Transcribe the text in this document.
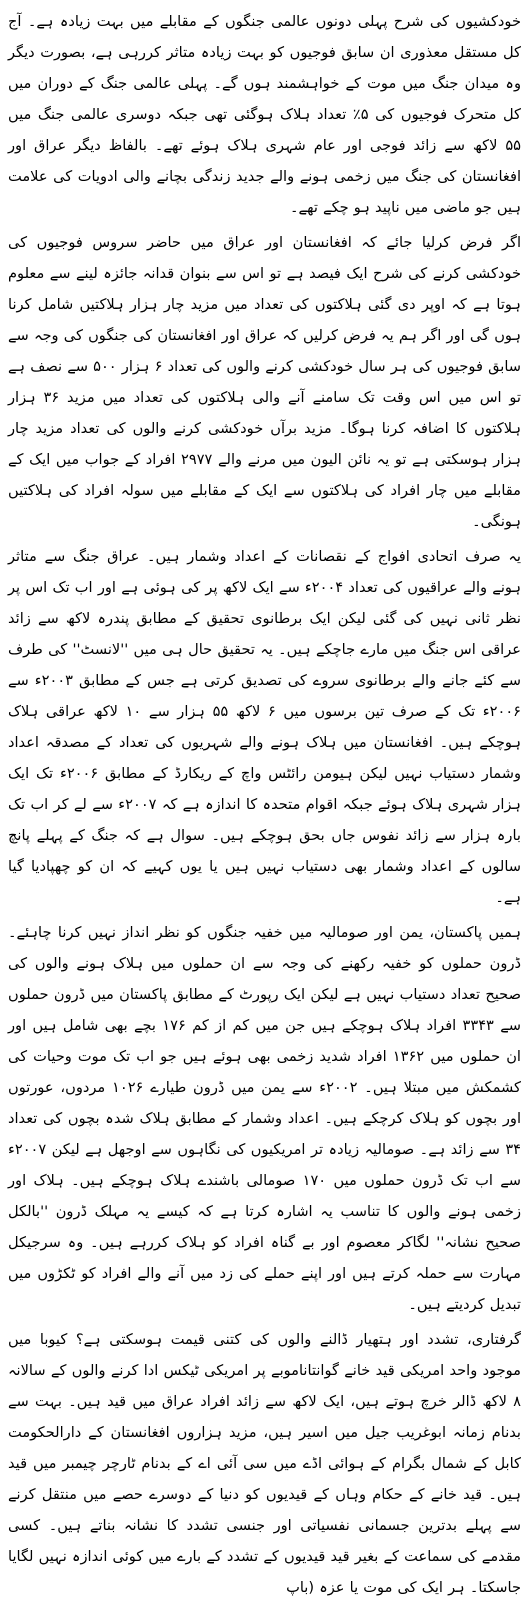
خودکشیوں کی شرح پہلی دونوں عالمی جنگوں کے مقابلے میں بہت زیادہ ہے۔ آج کل مستقل معذوری ان سابق فوجیوں کو بہت زیادہ متاثر کررہی ہے، بصورت دیگر وہ میدان جنگ میں موت کے خواہشمند ہوں گے۔ پہلی عالمی جنگ کے دوران میں کل متحرک فوجیوں کی ۵٪ تعداد ہلاک ہوگئی تھی جبکہ دوسری عالمی جنگ میں ۵۵ لاکھ سے زائد فوجی اور عام شہری ہلاک ہوئے تھے۔ بالفاظ دیگر عراق اور افغانستان کی جنگ میں زخمی ہونے والے جدید زندگی بچانے والی ادویات کی علامت ہیں جو ماضی میں ناپید ہو چکے تھے۔

اگر فرض کرلیا جائے کہ افغانستان اور عراق میں حاضر سروس فوجیوں کی خودکشی کرنے کی شرح ایک فیصد ہے تو اس سے بنوان قدانہ جائزہ لینے سے معلوم ہوتا ہے کہ اوپر دی گئی ہلاکتوں کی تعداد میں مزید چار ہزار ہلاکتیں شامل کرنا ہوں گی اور اگر ہم یہ فرض کرلیں کہ عراق اور افغانستان کی جنگوں کی وجہ سے سابق فوجیوں کی ہر سال خودکشی کرنے والوں کی تعداد ۶ ہزار ۵۰۰ سے نصف ہے تو اس میں اس وقت تک سامنے آنے والی ہلاکتوں کی تعداد میں مزید ۳۶ ہزار ہلاکتوں کا اضافہ کرنا ہوگا۔ مزید برآں خودکشی کرنے والوں کی تعداد مزید چار ہزار ہوسکتی ہے تو یہ نائن الیون میں مرنے والے ۲۹۷۷ افراد کے جواب میں ایک کے مقابلے میں چار افراد کی ہلاکتوں سے ایک کے مقابلے میں سولہ افراد کی ہلاکتیں ہونگی۔

یہ صرف اتحادی افواج کے نقصانات کے اعداد وشمار ہیں۔ عراق جنگ سے متاثر ہونے والے عراقیوں کی تعداد ۲۰۰۴ء سے ایک لاکھ پر کی ہوئی ہے اور اب تک اس پر نظر ثانی نہیں کی گئی لیکن ایک برطانوی تحقیق کے مطابق پندرہ لاکھ سے زائد عراقی اس جنگ میں مارے جاچکے ہیں۔ یہ تحقیق حال ہی میں ''لانسٹ'' کی طرف سے کئے جانے والے برطانوی سروے کی تصدیق کرتی ہے جس کے مطابق ۲۰۰۳ء سے ۲۰۰۶ء تک کے صرف تین برسوں میں ۶ لاکھ ۵۵ ہزار سے ۱۰ لاکھ عراقی ہلاک ہوچکے ہیں۔ افغانستان میں ہلاک ہونے والے شہریوں کی تعداد کے مصدقہ اعداد وشمار دستیاب نہیں لیکن ہیومن رائٹس واچ کے ریکارڈ کے مطابق ۲۰۰۶ء تک ایک ہزار شہری ہلاک ہوئے جبکہ اقوام متحدہ کا اندازہ ہے کہ ۲۰۰۷ء سے لے کر اب تک بارہ ہزار سے زائد نفوس جاں بحق ہوچکے ہیں۔ سوال ہے کہ جنگ کے پہلے پانچ سالوں کے اعداد وشمار بھی دستیاب نہیں ہیں یا یوں کہیے کہ ان کو چھپادیا گیا ہے۔

ہمیں پاکستان، یمن اور صومالیہ میں خفیہ جنگوں کو نظر انداز نہیں کرنا چاہئے۔ ڈرون حملوں کو خفیہ رکھنے کی وجہ سے ان حملوں میں ہلاک ہونے والوں کی صحیح تعداد دستیاب نہیں ہے لیکن ایک رپورٹ کے مطابق پاکستان میں ڈرون حملوں سے ۳۳۴۳ افراد ہلاک ہوچکے ہیں جن میں کم از کم ۱۷۶ بچے بھی شامل ہیں اور ان حملوں میں ۱۳۶۲ افراد شدید زخمی بھی ہوئے ہیں جو اب تک موت وحیات کی کشمکش میں مبتلا ہیں۔ ۲۰۰۲ء سے یمن میں ڈرون طیارے ۱۰۲۶ مردوں، عورتوں اور بچوں کو ہلاک کرچکے ہیں۔ اعداد وشمار کے مطابق ہلاک شدہ بچوں کی تعداد ۳۴ سے زائد ہے۔ صومالیہ زیادہ تر امریکیوں کی نگاہوں سے اوجھل ہے لیکن ۲۰۰۷ء سے اب تک ڈرون حملوں میں ۱۷۰ صومالی باشندے ہلاک ہوچکے ہیں۔ ہلاک اور زخمی ہونے والوں کا تناسب یہ اشارہ کرتا ہے کہ کیسے یہ مہلک ڈرون ''بالکل صحیح نشانہ'' لگاکر معصوم اور بے گناہ افراد کو ہلاک کررہے ہیں۔ وہ سرجیکل مہارت سے حملہ کرتے ہیں اور اپنے حملے کی زد میں آنے والے افراد کو ٹکڑوں میں تبدیل کردیتے ہیں۔

گرفتاری، تشدد اور ہتھیار ڈالنے والوں کی کتنی قیمت ہوسکتی ہے؟ کیوبا میں موجود واحد امریکی قید خانے گوانتاناموبے پر امریکی ٹیکس ادا کرنے والوں کے سالانہ ۸ لاکھ ڈالر خرچ ہوتے ہیں، ایک لاکھ سے زائد افراد عراق میں قید ہیں۔ بہت سے بدنام زمانہ ابوغریب جیل میں اسیر ہیں، مزید ہزاروں افغانستان کے دارالحکومت کابل کے شمال بگرام کے ہوائی اڈے میں سی آئی اے کے بدنام ٹارچر چیمبر میں قید ہیں۔ قید خانے کے حکام وہاں کے قیدیوں کو دنیا کے دوسرے حصے میں منتقل کرنے سے پہلے بدترین جسمانی نفسیاتی اور جنسی تشدد کا نشانہ بناتے ہیں۔ کسی مقدمے کی سماعت کے بغیر قید قیدیوں کے تشدد کے بارے میں کوئی اندازہ نہیں لگایا جاسکتا۔ ہر ایک کی موت یا عزہ (باپ
